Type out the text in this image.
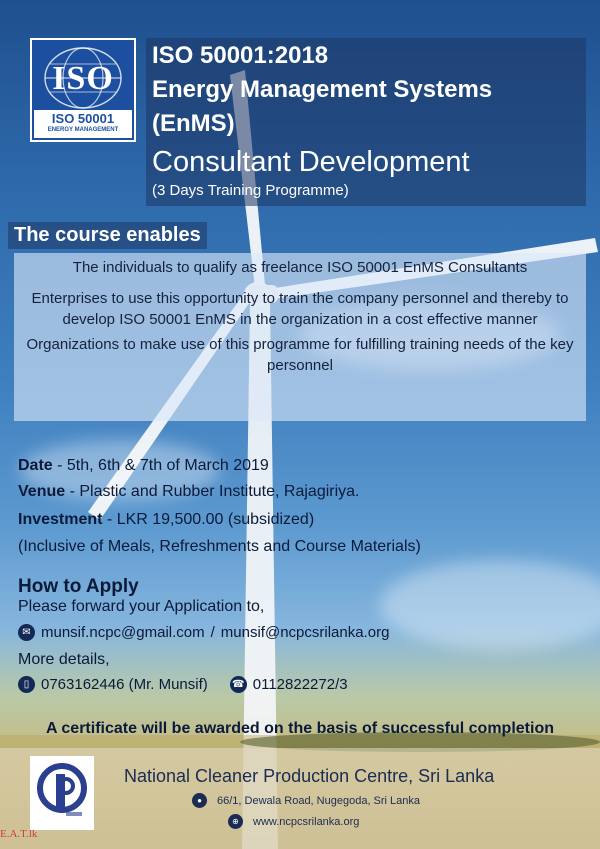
ISO
ISO 50001
ENERGY MANAGEMENT
ISO 50001:2018
Energy Management Systems
(EnMS)
Consultant Development
(3 Days Training Programme)
The course enables

The individuals to qualify as freelance ISO 50001 EnMS Consultants

Enterprises to use this opportunity to train the company personnel and thereby to develop ISO 50001 EnMS in the organization in a cost effective manner

Organizations to make use of this programme for fulfilling training needs of the key personnel

Date - 5th, 6th & 7th of March 2019
Venue - Plastic and Rubber Institute, Rajagiriya.
Investment - LKR 19,500.00 (subsidized)
(Inclusive of Meals, Refreshments and Course Materials)
How to Apply
Please forward your Application to,
✉ munsif.ncpc@gmail.com / munsif@ncpcsrilanka.org
More details,
▯ 0763162446 (Mr. Munsif) ☎ 0112822272/3
A certificate will be awarded on the basis of successful completion
National Cleaner Production Centre, Sri Lanka
●	66/1, Dewala Road, Nugegoda, Sri Lanka
⊕	www.ncpcsrilanka.org
E.A.T.lk
